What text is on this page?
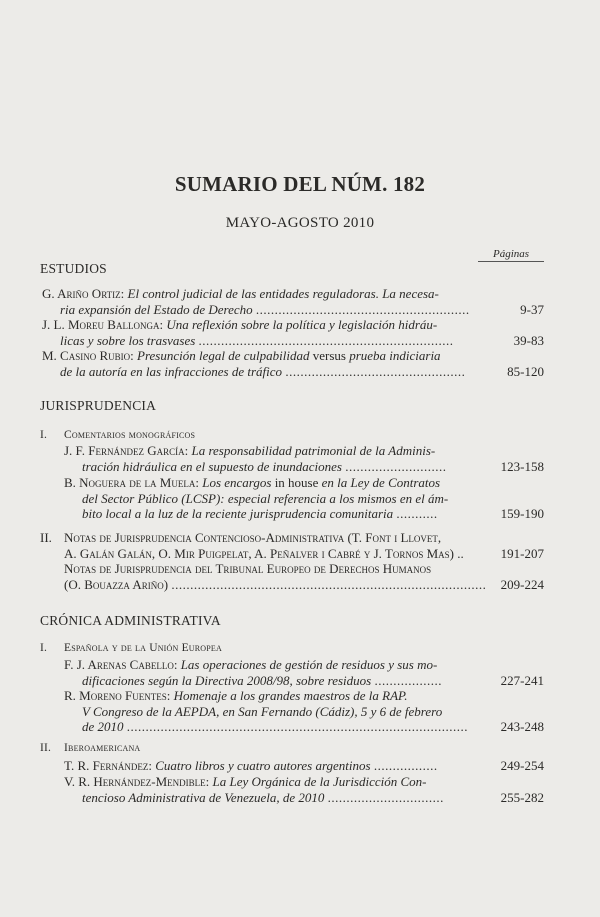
SUMARIO DEL NÚM. 182
MAYO-AGOSTO 2010
Páginas
ESTUDIOS
G. Ariño Ortiz: El control judicial de las entidades reguladoras. La necesa-
ria expansión del Estado de Derecho .........................................................	9-37
J. L. Moreu Ballonga: Una reflexión sobre la política y legislación hidráu-
licas y sobre los trasvases ....................................................................	39-83
M. Casino Rubio: Presunción legal de culpabilidad versus prueba indiciaria
de la autoría en las infracciones de tráfico ................................................	85-120
JURISPRUDENCIA
I. Comentarios monográficos
J. F. Fernández García: La responsabilidad patrimonial de la Adminis-
tración hidráulica en el supuesto de inundaciones ...........................	123-158
B. Noguera de la Muela: Los encargos in house en la Ley de Contratos
del Sector Público (LCSP): especial referencia a los mismos en el ám-
bito local a la luz de la reciente jurisprudencia comunitaria ...........	159-190
II. Notas de Jurisprudencia Contencioso-Administrativa (T. Font i Llovet,
A. Galán Galán, O. Mir Puigpelat, A. Peñalver i Cabré y J. Tornos Mas) ..	191-207
Notas de Jurisprudencia del Tribunal Europeo de Derechos Humanos
(O. Bouazza Ariño) .................................................................................... 209-224
CRÓNICA ADMINISTRATIVA
I. Española y de la Unión Europea
F. J. Arenas Cabello: Las operaciones de gestión de residuos y sus mo-
dificaciones según la Directiva 2008/98, sobre residuos ..................	227-241
R. Moreno Fuentes: Homenaje a los grandes maestros de la RAP.
V Congreso de la AEPDA, en San Fernando (Cádiz), 5 y 6 de febrero
de 2010 ...........................................................................................	243-248
II. Iberoamericana
T. R. Fernández: Cuatro libros y cuatro autores argentinos .................	249-254
V. R. Hernández-Mendible: La Ley Orgánica de la Jurisdicción Con-
tencioso Administrativa de Venezuela, de 2010 ...............................	255-282
